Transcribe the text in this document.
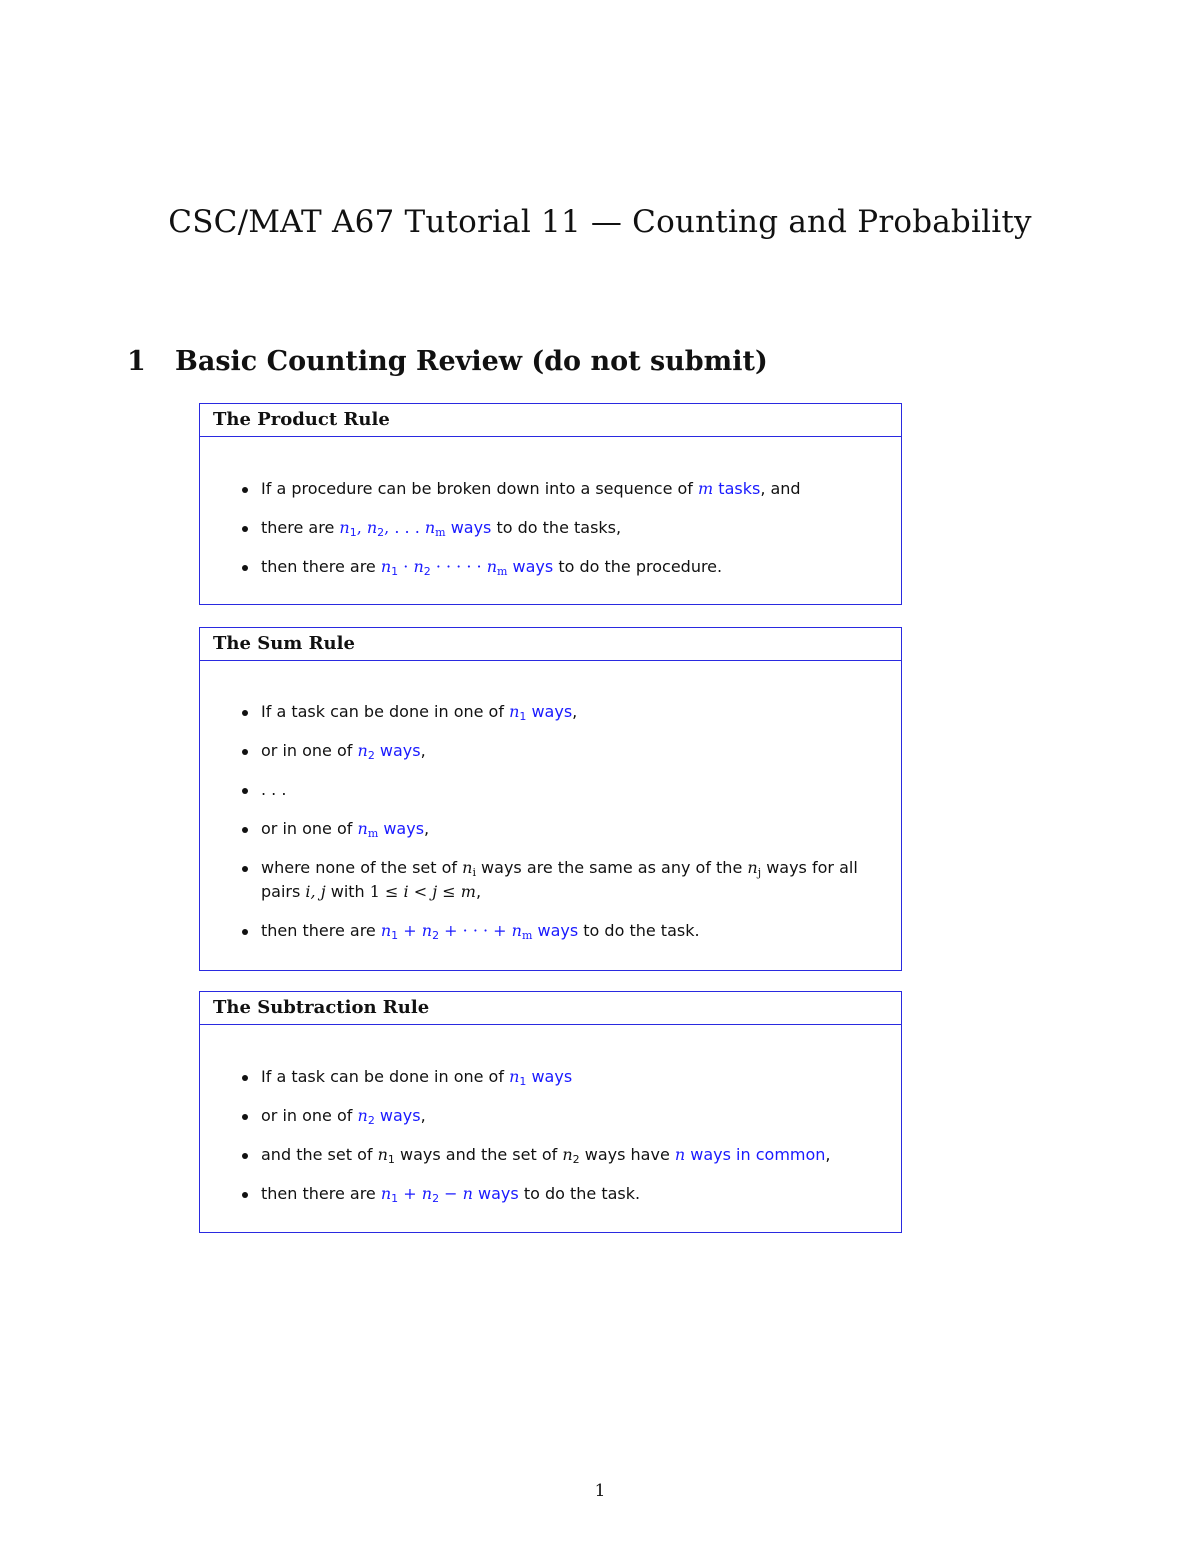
CSC/MAT A67 Tutorial 11 — Counting and Probability
1 Basic Counting Review (do not submit)
The Product Rule
If a procedure can be broken down into a sequence of m tasks, and
there are $n_1$, $n_2$, . . . $n_m$ ways to do the tasks,
then there are $n_1 \cdot n_2$ · · · · · $n_m$ ways to do the procedure.
The Sum Rule
If a task can be done in one of $n_1$ ways,
or in one of $n_2$ ways,
. . .
or in one of $n_m$ ways,
where none of the set of $n_i$ ways are the same as any of the $n_j$ ways for all pairs i, j with 1 ≤ i < j ≤ m,
then there are $n_1 + n_2$ + · · · + $n_m$ ways to do the task.
The Subtraction Rule
If a task can be done in one of $n_1$ ways
or in one of $n_2$ ways,
and the set of $n_1$ ways and the set of $n_2$ ways have n ways in common,
then there are $n_1 + n_2 - n$ ways to do the task.
1
